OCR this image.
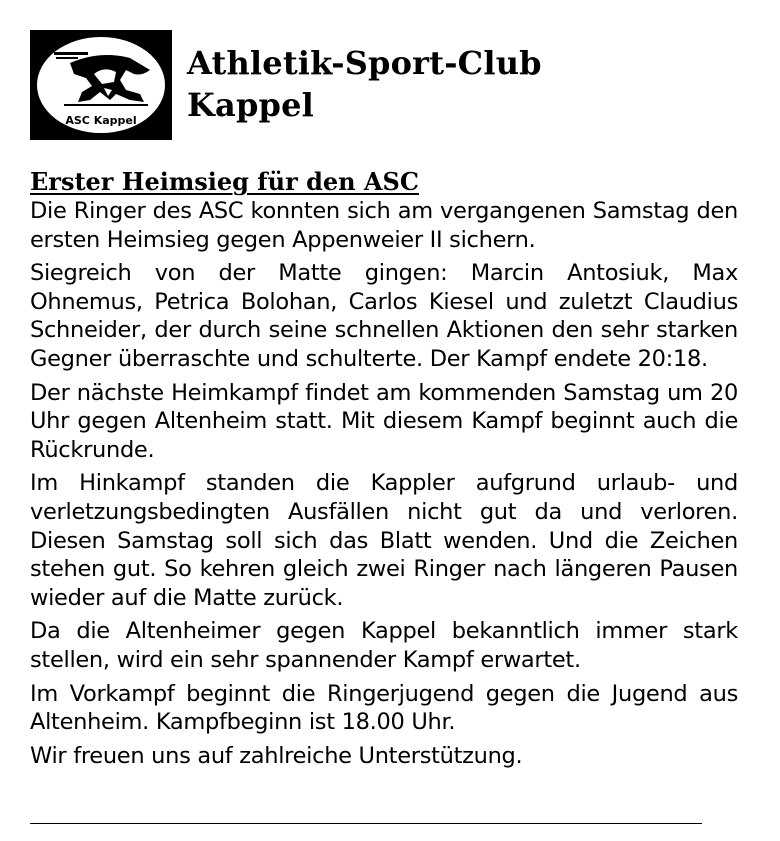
ASC Kappel
Athletik-Sport-Club
Kappel
Erster Heimsieg für den ASC

Die Ringer des ASC konnten sich am vergangenen Samstag den ersten Heimsieg gegen Appenweier II sichern.

Siegreich von der Matte gingen: Marcin Antosiuk, Max Ohnemus, Petrica Bolohan, Carlos Kiesel und zuletzt Claudius Schneider, der durch seine schnellen Aktionen den sehr starken Gegner überraschte und schulterte. Der Kampf endete 20:18.

Der nächste Heimkampf findet am kommenden Samstag um 20 Uhr gegen Altenheim statt. Mit diesem Kampf beginnt auch die Rückrunde.

Im Hinkampf standen die Kappler aufgrund urlaub- und verletzungsbedingten Ausfällen nicht gut da und verloren. Diesen Samstag soll sich das Blatt wenden. Und die Zeichen stehen gut. So kehren gleich zwei Ringer nach längeren Pausen wieder auf die Matte zurück.

Da die Altenheimer gegen Kappel bekanntlich immer stark stellen, wird ein sehr spannender Kampf erwartet.

Im Vorkampf beginnt die Ringerjugend gegen die Jugend aus Altenheim. Kampfbeginn ist 18.00 Uhr.

Wir freuen uns auf zahlreiche Unterstützung.
